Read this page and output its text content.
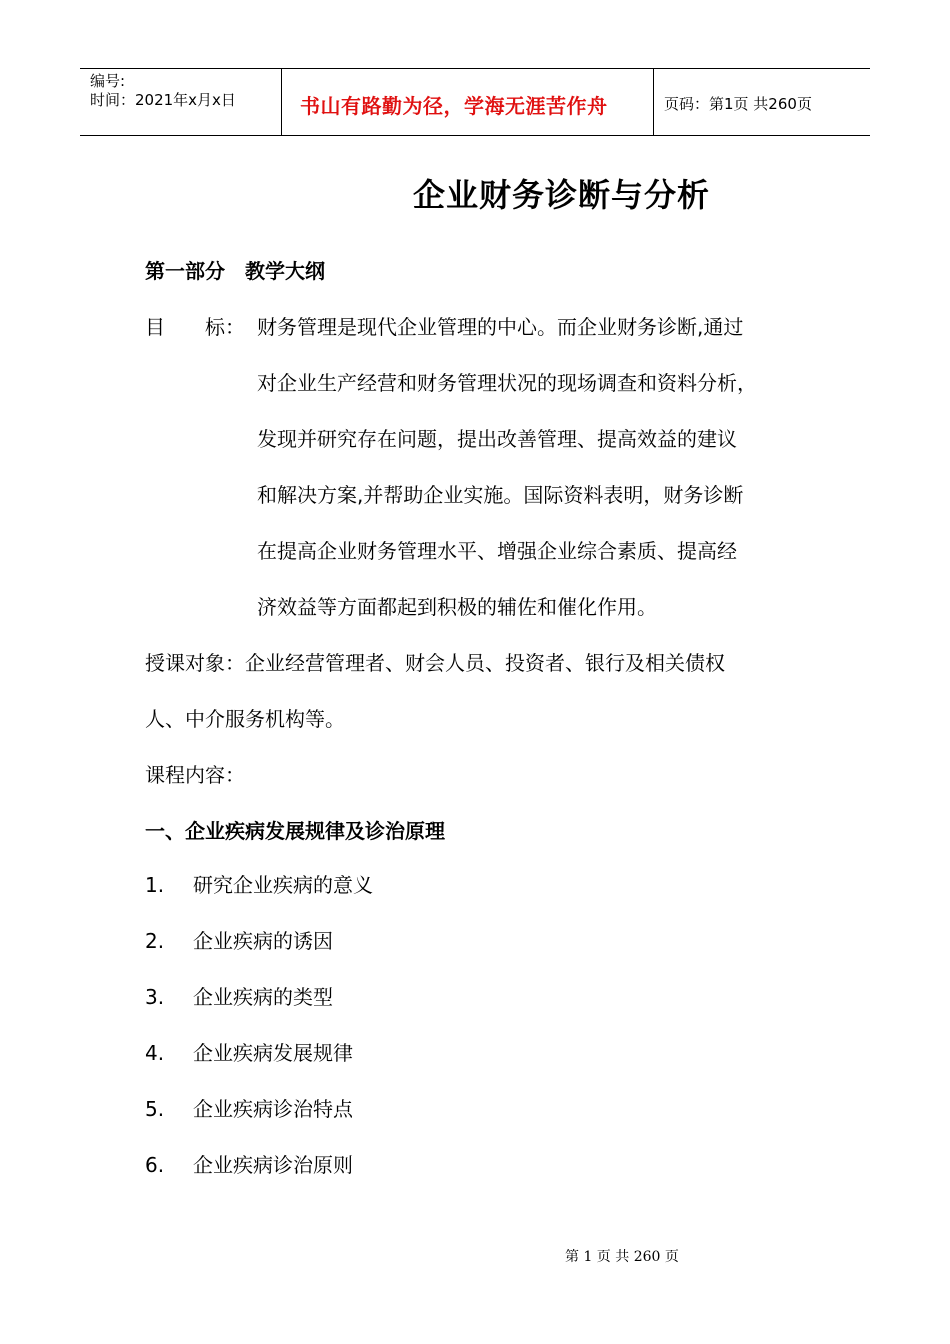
编号:
时间：2021年x月x日	书山有路勤为径，学海无涯苦作舟	页码：第1页 共260页
企业财务诊断与分析
第一部分　教学大纲
目　　标： 财务管理是现代企业管理的中心。而企业财务诊断,通过
对企业生产经营和财务管理状况的现场调查和资料分析，
发现并研究存在问题，提出改善管理、提高效益的建议
和解决方案,并帮助企业实施。国际资料表明，财务诊断
在提高企业财务管理水平、增强企业综合素质、提高经
济效益等方面都起到积极的辅佐和催化作用。
授课对象：企业经营管理者、财会人员、投资者、银行及相关债权
人、中介服务机构等。
课程内容：
一、企业疾病发展规律及诊治原理
1. 研究企业疾病的意义
2. 企业疾病的诱因
3. 企业疾病的类型
4. 企业疾病发展规律
5. 企业疾病诊治特点
6. 企业疾病诊治原则
第 1 页 共 260 页
